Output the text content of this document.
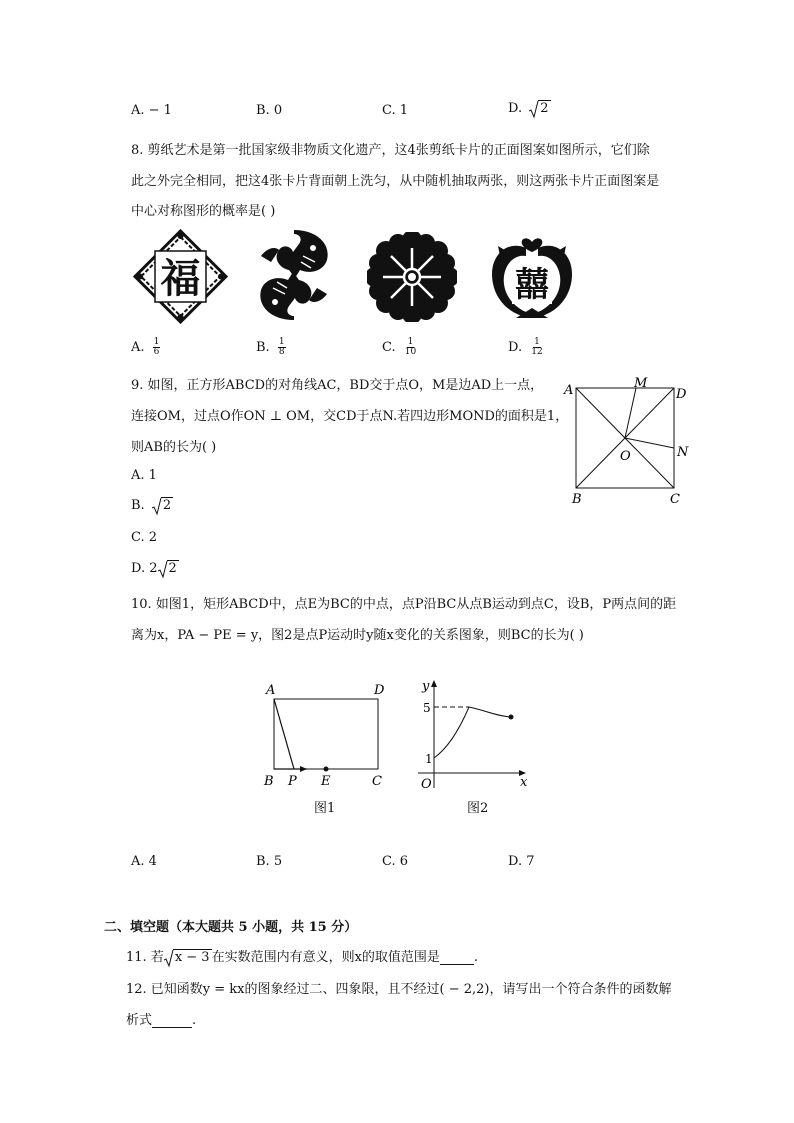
A. − 1	B. 0	C. 1	D. 2
8. 剪纸艺术是第一批国家级非物质文化遗产，这4张剪纸卡片的正面图案如图所示，它们除
此之外完全相同，把这4张卡片背面朝上洗匀，从中随机抽取两张，则这两张卡片正面图案是
中心对称图形的概率是( )
福	囍
A. $\frac{1}{6}$	B. $\frac{1}{8}$	C. $\frac{1}{10}$	D. $\frac{1}{12}$
9. 如图，正方形ABCD的对角线AC，BD交于点O，M是边AD上一点，
连接OM，过点O作ON ⊥ OM，交CD于点N.若四边形MOND的面积是1，
则AB的长为( )
A	M
D
O	N
B	C
A. 1
B. 2
C. 2
D. 2 2
10. 如图1，矩形ABCD中，点E为BC的中点，点P沿BC从点B运动到点C，设B，P两点间的距
离为x，PA − PE = y，图2是点P运动时y随x变化的关系图象，则BC的长为( )
A	D
B P E	C
图1
y
5
1
O	x
图2
A. 4	B. 5	C. 6	D. 7
二、填空题（本大题共 5 小题，共 15 分）
11. 若 x − 3 在实数范围内有意义，则x的取值范围是	.
12. 已知函数y = kx的图象经过二、四象限，且不经过( − 2,2)，请写出一个符合条件的函数解
析式	.
